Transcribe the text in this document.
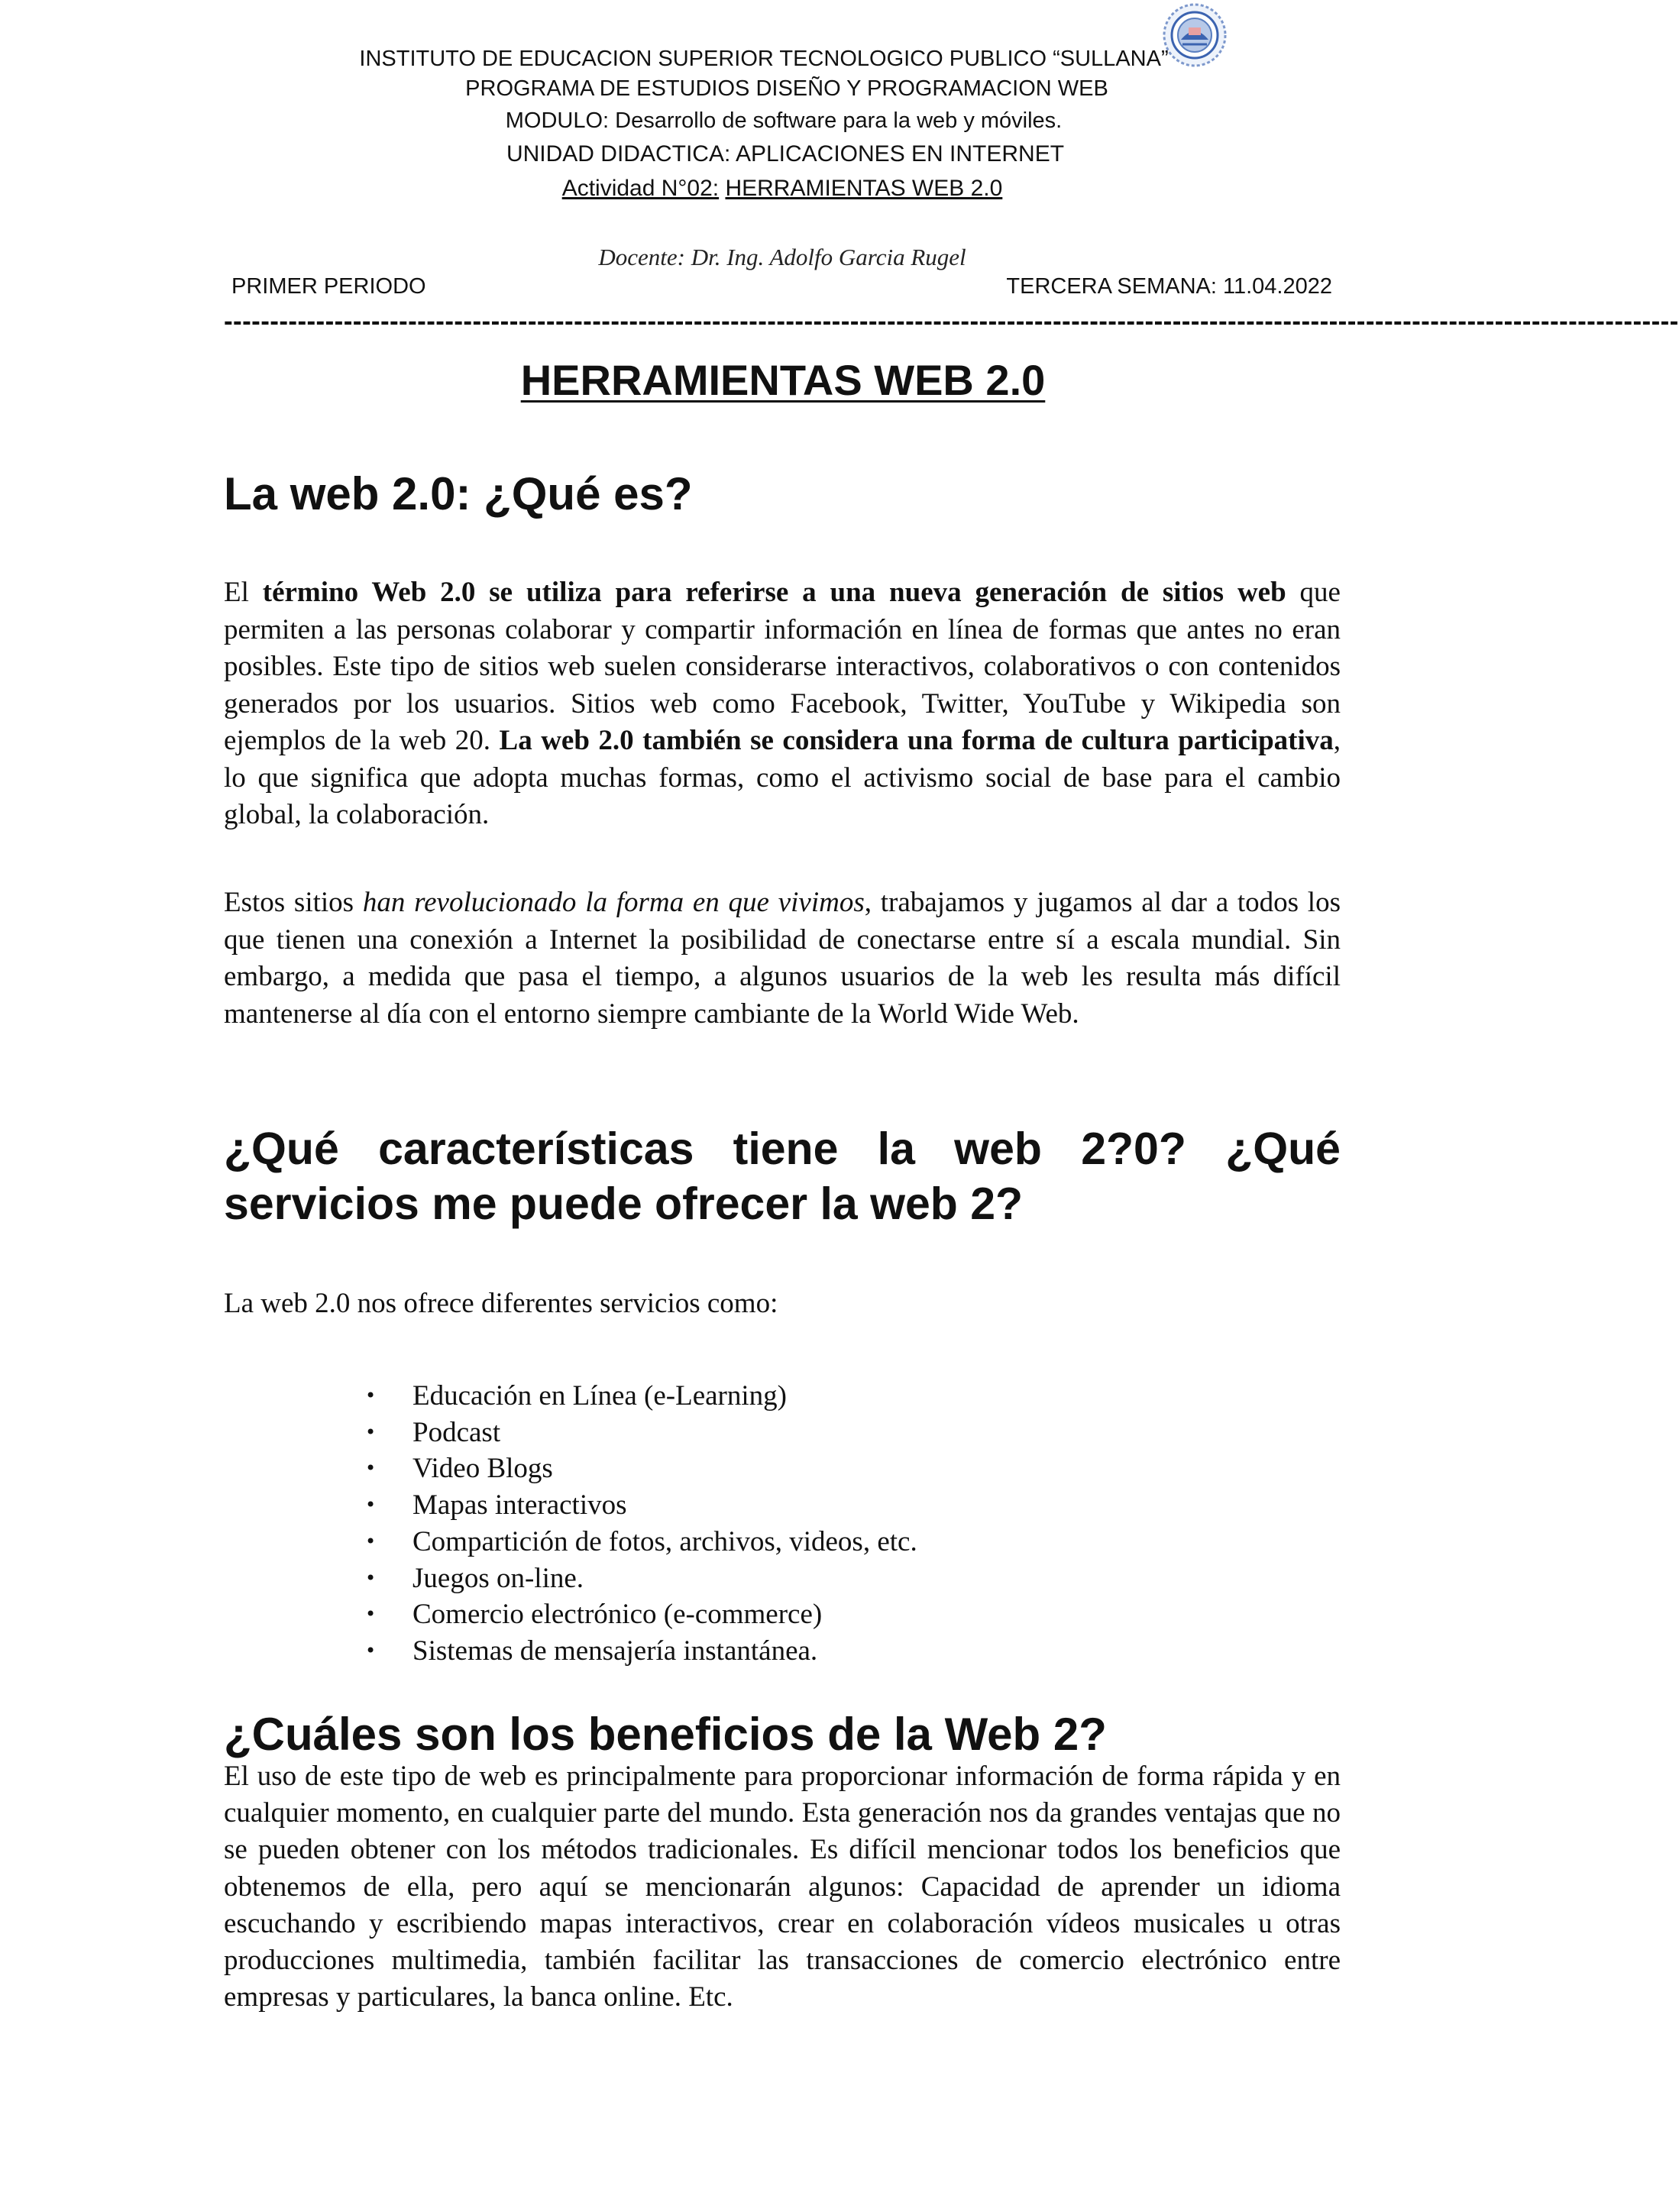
INSTITUTO DE EDUCACION SUPERIOR TECNOLOGICO PUBLICO “SULLANA”
PROGRAMA DE ESTUDIOS DISEÑO Y PROGRAMACION WEB
MODULO: Desarrollo de software para la web y móviles.
UNIDAD DIDACTICA: APLICACIONES EN INTERNET
Actividad N°02: HERRAMIENTAS WEB 2.0
Docente: Dr. Ing. Adolfo Garcia Rugel
PRIMER PERIODO	TERCERA SEMANA: 11.04.2022
--------------------------------------------------------------------------------------------------------------------------------------------------------------
HERRAMIENTAS WEB 2.0
La web 2.0: ¿Qué es?
El término Web 2.0 se utiliza para referirse a una nueva generación de sitios web que permiten a las personas colaborar y compartir información en línea de formas que antes no eran posibles. Este tipo de sitios web suelen considerarse interactivos, colaborativos o con contenidos generados por los usuarios. Sitios web como Facebook, Twitter, YouTube y Wikipedia son ejemplos de la web 20. La web 2.0 también se considera una forma de cultura participativa, lo que significa que adopta muchas formas, como el activismo social de base para el cambio global, la colaboración.
Estos sitios han revolucionado la forma en que vivimos, trabajamos y jugamos al dar a todos los que tienen una conexión a Internet la posibilidad de conectarse entre sí a escala mundial. Sin embargo, a medida que pasa el tiempo, a algunos usuarios de la web les resulta más difícil mantenerse al día con el entorno siempre cambiante de la World Wide Web.
¿Qué características tiene la web 2?0? ¿Qué servicios me puede ofrecer la web 2?
La web 2.0 nos ofrece diferentes servicios como:
• Educación en Línea (e-Learning)
• Podcast
• Video Blogs
• Mapas interactivos
• Compartición de fotos, archivos, videos, etc.
• Juegos on-line.
• Comercio electrónico (e-commerce)
• Sistemas de mensajería instantánea.
¿Cuáles son los beneficios de la Web 2?
El uso de este tipo de web es principalmente para proporcionar información de forma rápida y en cualquier momento, en cualquier parte del mundo. Esta generación nos da grandes ventajas que no se pueden obtener con los métodos tradicionales. Es difícil mencionar todos los beneficios que obtenemos de ella, pero aquí se mencionarán algunos: Capacidad de aprender un idioma escuchando y escribiendo mapas interactivos, crear en colaboración vídeos musicales u otras producciones multimedia, también facilitar las transacciones de comercio electrónico entre empresas y particulares, la banca online. Etc.
